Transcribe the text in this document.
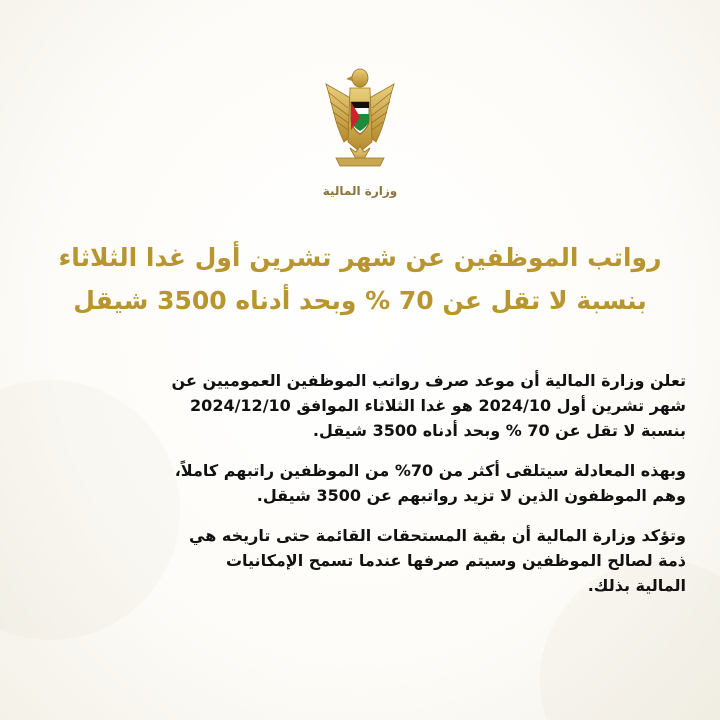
وزارة المالية
رواتب الموظفين عن شهر تشرين أول غدا الثلاثاء
بنسبة لا تقل عن 70 % وبحد أدناه 3500 شيقل

تعلن وزارة المالية أن موعد صرف رواتب الموظفين العموميين عن
شهر تشرين أول 2024/10 هو غدا الثلاثاء الموافق 2024/12/10
بنسبة لا تقل عن 70 % وبحد أدناه 3500 شيقل.

وبهذه المعادلة سيتلقى أكثر من 70% من الموظفين راتبهم كاملاً،
وهم الموظفون الذين لا تزيد رواتبهم عن 3500 شيقل.

وتؤكد وزارة المالية أن بقية المستحقات القائمة حتى تاريخه هي
ذمة لصالح الموظفين وسيتم صرفها عندما تسمح الإمكانيات
المالية بذلك.
